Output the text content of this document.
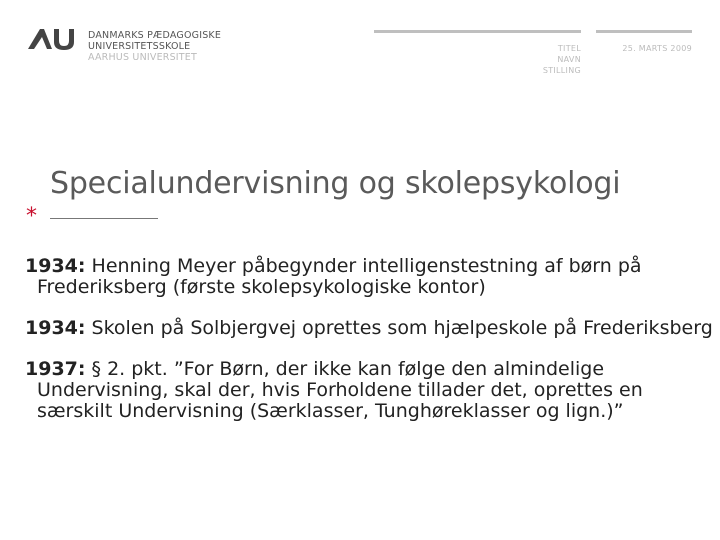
DANMARKS PÆDAGOGISKE
UNIVERSITETSSKOLE
AARHUS UNIVERSITET
TITEL
NAVN
STILLING
25. MARTS 2009
Specialundervisning og skolepsykologi
*

1934: Henning Meyer påbegynder intelligenstestning af børn på Frederiksberg (første skolepsykologiske kontor)

1934: Skolen på Solbjergvej oprettes som hjælpeskole på Frederiksberg

1937: § 2. pkt. ”For Børn, der ikke kan følge den almindelige Undervisning, skal der, hvis Forholdene tillader det, oprettes en særskilt Undervisning (Særklasser, Tunghøreklasser og lign.)”
